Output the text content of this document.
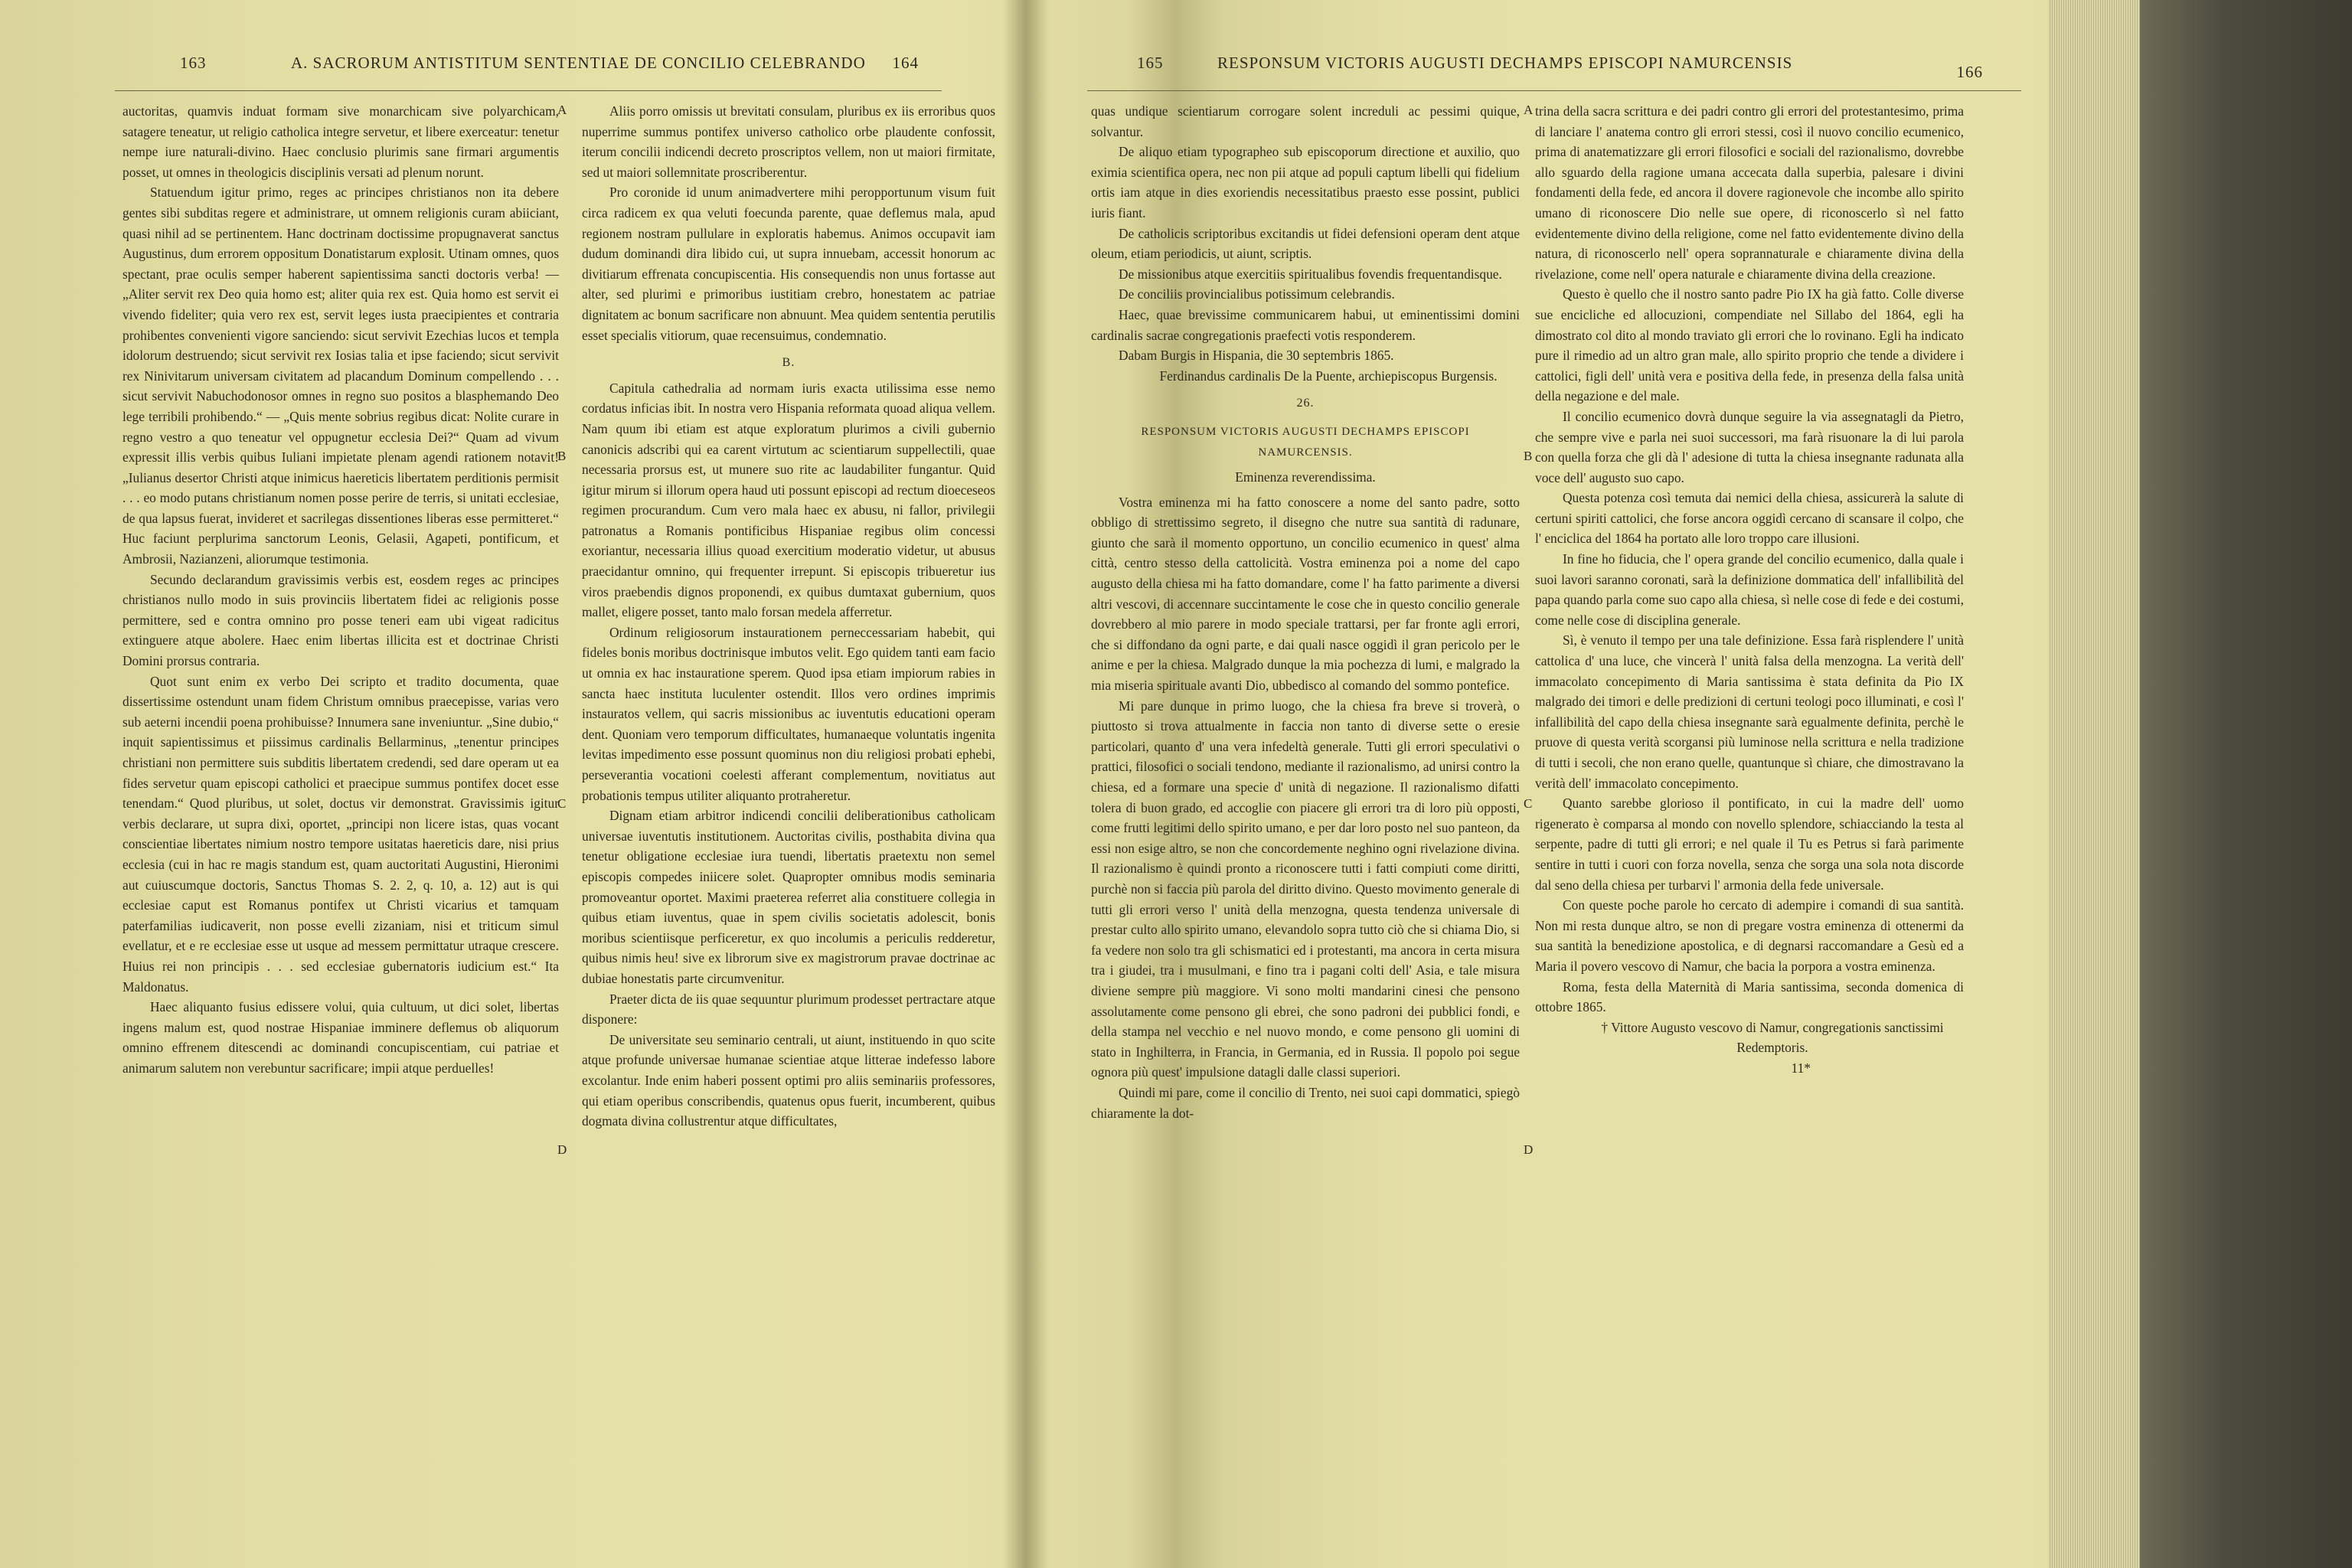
163	A. SACRORUM ANTISTITUM SENTENTIAE DE CONCILIO CELEBRANDO	164

auctoritas, quamvis induat formam sive monarchicam sive polyarchicam, satagere teneatur, ut religio catholica integre servetur, et libere exerceatur: tenetur nempe iure naturali-divino. Haec conclusio plurimis sane firmari argumentis posset, ut omnes in theologicis disciplinis versati ad plenum norunt.

Statuendum igitur primo, reges ac principes christianos non ita debere gentes sibi subditas regere et administrare, ut omnem religionis curam abiiciant, quasi nihil ad se pertinentem. Hanc doctrinam doctissime propugnaverat sanctus Augustinus, dum errorem oppositum Donatistarum explosit. Utinam omnes, quos spectant, prae oculis semper haberent sapientissima sancti doctoris verba! — „Aliter servit rex Deo quia homo est; aliter quia rex est. Quia homo est servit ei vivendo fideliter; quia vero rex est, servit leges iusta praecipientes et contraria prohibentes convenienti vigore sanciendo: sicut servivit Ezechias lucos et templa idolorum destruendo; sicut servivit rex Iosias talia et ipse faciendo; sicut servivit rex Ninivitarum universam civitatem ad placandum Dominum compellendo . . . sicut servivit Nabuchodonosor omnes in regno suo positos a blasphemando Deo lege terribili prohibendo.“ — „Quis mente sobrius regibus dicat: Nolite curare in regno vestro a quo teneatur vel oppugnetur ecclesia Dei?“ Quam ad vivum expressit illis verbis quibus Iuliani impietate plenam agendi rationem notavit! „Iulianus desertor Christi atque inimicus haereticis libertatem perditionis permisit . . . eo modo putans christianum nomen posse perire de terris, si unitati ecclesiae, de qua lapsus fuerat, invideret et sacrilegas dissentiones liberas esse permitteret.“ Huc faciunt perplurima sanctorum Leonis, Gelasii, Agapeti, pontificum, et Ambrosii, Nazianzeni, aliorumque testimonia.

Secundo declarandum gravissimis verbis est, eosdem reges ac principes christianos nullo modo in suis provinciis libertatem fidei ac religionis posse permittere, sed e contra omnino pro posse teneri eam ubi vigeat radicitus extinguere atque abolere. Haec enim libertas illicita est et doctrinae Christi Domini prorsus contraria.

Quot sunt enim ex verbo Dei scripto et tradito documenta, quae dissertissime ostendunt unam fidem Christum omnibus praecepisse, varias vero sub aeterni incendii poena prohibuisse? Innumera sane inveniuntur. „Sine dubio,“ inquit sapientissimus et piissimus cardinalis Bellarminus, „tenentur principes christiani non permittere suis subditis libertatem credendi, sed dare operam ut ea fides servetur quam episcopi catholici et praecipue summus pontifex docet esse tenendam.“ Quod pluribus, ut solet, doctus vir demonstrat. Gravissimis igitur verbis declarare, ut supra dixi, oportet, „principi non licere istas, quas vocant conscientiae libertates nimium nostro tempore usitatas haereticis dare, nisi prius ecclesia (cui in hac re magis standum est, quam auctoritati Augustini, Hieronimi aut cuiuscumque doctoris, Sanctus Thomas S. 2. 2, q. 10, a. 12) aut is qui ecclesiae caput est Romanus pontifex ut Christi vicarius et tamquam paterfamilias iudicaverit, non posse evelli zizaniam, nisi et triticum simul evellatur, et e re ecclesiae esse ut usque ad messem permittatur utraque crescere. Huius rei non principis . . . sed ecclesiae gubernatoris iudicium est.“ Ita Maldonatus.

Haec aliquanto fusius edissere volui, quia cultuum, ut dici solet, libertas ingens malum est, quod nostrae Hispaniae imminere deflemus ob aliquorum omnino effrenem ditescendi ac dominandi concupiscentiam, cui patriae et animarum salutem non verebuntur sacrificare; impii atque perduelles!

A
B
C
D

Aliis porro omissis ut brevitati consulam, pluribus ex iis erroribus quos nuperrime summus pontifex universo catholico orbe plaudente confossit, iterum concilii indicendi decreto proscriptos vellem, non ut maiori firmitate, sed ut maiori sollemnitate proscriberentur.

Pro coronide id unum animadvertere mihi peropportunum visum fuit circa radicem ex qua veluti foecunda parente, quae deflemus mala, apud regionem nostram pullulare in exploratis habemus. Animos occupavit iam dudum dominandi dira libido cui, ut supra innuebam, accessit honorum ac divitiarum effrenata concupiscentia. His consequendis non unus fortasse aut alter, sed plurimi e primoribus iustitiam crebro, honestatem ac patriae dignitatem ac bonum sacrificare non abnuunt. Mea quidem sententia perutilis esset specialis vitiorum, quae recensuimus, condemnatio.

B.

Capitula cathedralia ad normam iuris exacta utilissima esse nemo cordatus inficias ibit. In nostra vero Hispania reformata quoad aliqua vellem. Nam quum ibi etiam est atque exploratum plurimos a civili gubernio canonicis adscribi qui ea carent virtutum ac scientiarum suppellectili, quae necessaria prorsus est, ut munere suo rite ac laudabiliter fungantur. Quid igitur mirum si illorum opera haud uti possunt episcopi ad rectum dioeceseos regimen procurandum. Cum vero mala haec ex abusu, ni fallor, privilegii patronatus a Romanis pontificibus Hispaniae regibus olim concessi exoriantur, necessaria illius quoad exercitium moderatio videtur, ut abusus praecidantur omnino, qui frequenter irrepunt. Si episcopis tribueretur ius viros praebendis dignos proponendi, ex quibus dumtaxat gubernium, quos mallet, eligere posset, tanto malo forsan medela afferretur.

Ordinum religiosorum instaurationem perneccessariam habebit, qui fideles bonis moribus doctrinisque imbutos velit. Ego quidem tanti eam facio ut omnia ex hac instauratione sperem. Quod ipsa etiam impiorum rabies in sancta haec instituta luculenter ostendit. Illos vero ordines imprimis instauratos vellem, qui sacris missionibus ac iuventutis educationi operam dent. Quoniam vero temporum difficultates, humanaeque voluntatis ingenita levitas impedimento esse possunt quominus non diu religiosi probati ephebi, perseverantia vocationi coelesti afferant complementum, novitiatus aut probationis tempus utiliter aliquanto protraheretur.

Dignam etiam arbitror indicendi concilii deliberationibus catholicam universae iuventutis institutionem. Auctoritas civilis, posthabita divina qua tenetur obligatione ecclesiae iura tuendi, libertatis praetextu non semel episcopis compedes iniicere solet. Quapropter omnibus modis seminaria promoveantur oportet. Maximi praeterea referret alia constituere collegia in quibus etiam iuventus, quae in spem civilis societatis adolescit, bonis moribus scientiisque perficeretur, ex quo incolumis a periculis redderetur, quibus nimis heu! sive ex librorum sive ex magistrorum pravae doctrinae ac dubiae honestatis parte circumvenitur.

Praeter dicta de iis quae sequuntur plurimum prodesset pertractare atque disponere:

De universitate seu seminario centrali, ut aiunt, instituendo in quo scite atque profunde universae humanae scientiae atque litterae indefesso labore excolantur. Inde enim haberi possent optimi pro aliis seminariis professores, qui etiam operibus conscribendis, quatenus opus fuerit, incumberent, quibus dogmata divina collustrentur atque difficultates,

165	RESPONSUM VICTORIS AUGUSTI DECHAMPS EPISCOPI NAMURCENSIS	166

quas undique scientiarum corrogare solent increduli ac pessimi quique, solvantur.

De aliquo etiam typographeo sub episcoporum directione et auxilio, quo eximia scientifica opera, nec non pii atque ad populi captum libelli qui fidelium ortis iam atque in dies exoriendis necessitatibus praesto esse possint, publici iuris fiant.

De catholicis scriptoribus excitandis ut fidei defensioni operam dent atque oleum, etiam periodicis, ut aiunt, scriptis.

De missionibus atque exercitiis spiritualibus fovendis frequentandisque.

De conciliis provincialibus potissimum celebrandis.

Haec, quae brevissime communicarem habui, ut eminentissimi domini cardinalis sacrae congregationis praefecti votis responderem.

Dabam Burgis in Hispania, die 30 septembris 1865.

Ferdinandus cardinalis De la Puente, archiepiscopus Burgensis.
26.
RESPONSUM VICTORIS AUGUSTI DECHAMPS EPISCOPI NAMURCENSIS.
Eminenza reverendissima.

Vostra eminenza mi ha fatto conoscere a nome del santo padre, sotto obbligo di strettissimo segreto, il disegno che nutre sua santità di radunare, giunto che sarà il momento opportuno, un concilio ecumenico in quest' alma città, centro stesso della cattolicità. Vostra eminenza poi a nome del capo augusto della chiesa mi ha fatto domandare, come l' ha fatto parimente a diversi altri vescovi, di accennare succintamente le cose che in questo concilio generale dovrebbero al mio parere in modo speciale trattarsi, per far fronte agli errori, che si diffondano da ogni parte, e dai quali nasce oggidì il gran pericolo per le anime e per la chiesa. Malgrado dunque la mia pochezza di lumi, e malgrado la mia miseria spirituale avanti Dio, ubbedisco al comando del sommo pontefice.

Mi pare dunque in primo luogo, che la chiesa fra breve si troverà, o piuttosto si trova attualmente in faccia non tanto di diverse sette o eresie particolari, quanto d' una vera infedeltà generale. Tutti gli errori speculativi o prattici, filosofici o sociali tendono, mediante il razionalismo, ad unirsi contro la chiesa, ed a formare una specie d' unità di negazione. Il razionalismo difatti tolera di buon grado, ed accoglie con piacere gli errori tra di loro più opposti, come frutti legitimi dello spirito umano, e per dar loro posto nel suo panteon, da essi non esige altro, se non che concordemente neghino ogni rivelazione divina. Il razionalismo è quindi pronto a riconoscere tutti i fatti compiuti come diritti, purchè non si faccia più parola del diritto divino. Questo movimento generale di tutti gli errori verso l' unità della menzogna, questa tendenza universale di prestar culto allo spirito umano, elevandolo sopra tutto ciò che si chiama Dio, si fa vedere non solo tra gli schismatici ed i protestanti, ma ancora in certa misura tra i giudei, tra i musulmani, e fino tra i pagani colti dell' Asia, e tale misura diviene sempre più maggiore. Vi sono molti mandarini cinesi che pensono assolutamente come pensono gli ebrei, che sono padroni dei pubblici fondi, e della stampa nel vecchio e nel nuovo mondo, e come pensono gli uomini di stato in Inghilterra, in Francia, in Germania, ed in Russia. Il popolo poi segue ognora più quest' impulsione datagli dalle classi superiori.

Quindi mi pare, come il concilio di Trento, nei suoi capi dommatici, spiegò chiaramente la dot-

A
B
C
D

trina della sacra scrittura e dei padri contro gli errori del protestantesimo, prima di lanciare l' anatema contro gli errori stessi, così il nuovo concilio ecumenico, prima di anatematizzare gli errori filosofici e sociali del razionalismo, dovrebbe allo sguardo della ragione umana accecata dalla superbia, palesare i divini fondamenti della fede, ed ancora il dovere ragionevole che incombe allo spirito umano di riconoscere Dio nelle sue opere, di riconoscerlo sì nel fatto evidentemente divino della religione, come nel fatto evidentemente divino della natura, di riconoscerlo nell' opera soprannaturale e chiaramente divina della rivelazione, come nell' opera naturale e chiaramente divina della creazione.

Questo è quello che il nostro santo padre Pio IX ha già fatto. Colle diverse sue encicliche ed allocuzioni, compendiate nel Sillabo del 1864, egli ha dimostrato col dito al mondo traviato gli errori che lo rovinano. Egli ha indicato pure il rimedio ad un altro gran male, allo spirito proprio che tende a dividere i cattolici, figli dell' unità vera e positiva della fede, in presenza della falsa unità della negazione e del male.

Il concilio ecumenico dovrà dunque seguire la via assegnatagli da Pietro, che sempre vive e parla nei suoi successori, ma farà risuonare la di lui parola con quella forza che gli dà l' adesione di tutta la chiesa insegnante radunata alla voce dell' augusto suo capo.

Questa potenza così temuta dai nemici della chiesa, assicurerà la salute di certuni spiriti cattolici, che forse ancora oggidì cercano di scansare il colpo, che l' enciclica del 1864 ha portato alle loro troppo care illusioni.

In fine ho fiducia, che l' opera grande del concilio ecumenico, dalla quale i suoi lavori saranno coronati, sarà la definizione dommatica dell' infallibilità del papa quando parla come suo capo alla chiesa, sì nelle cose di fede e dei costumi, come nelle cose di disciplina generale.

Sì, è venuto il tempo per una tale definizione. Essa farà risplendere l' unità cattolica d' una luce, che vincerà l' unità falsa della menzogna. La verità dell' immacolato concepimento di Maria santissima è stata definita da Pio IX malgrado dei timori e delle predizioni di certuni teologi poco illuminati, e così l' infallibilità del capo della chiesa insegnante sarà egualmente definita, perchè le pruove di questa verità scorgansi più luminose nella scrittura e nella tradizione di tutti i secoli, che non erano quelle, quantunque sì chiare, che dimostravano la verità dell' immacolato concepimento.

Quanto sarebbe glorioso il pontificato, in cui la madre dell' uomo rigenerato è comparsa al mondo con novello splendore, schiacciando la testa al serpente, padre di tutti gli errori; e nel quale il Tu es Petrus si farà parimente sentire in tutti i cuori con forza novella, senza che sorga una sola nota discorde dal seno della chiesa per turbarvi l' armonia della fede universale.

Con queste poche parole ho cercato di adempire i comandi di sua santità. Non mi resta dunque altro, se non di pregare vostra eminenza di ottenermi da sua santità la benedizione apostolica, e di degnarsi raccomandare a Gesù ed a Maria il povero vescovo di Namur, che bacia la porpora a vostra eminenza.

Roma, festa della Maternità di Maria santissima, seconda domenica di ottobre 1865.

† Vittore Augusto vescovo di Namur, congregationis sanctissimi Redemptoris.
11*
